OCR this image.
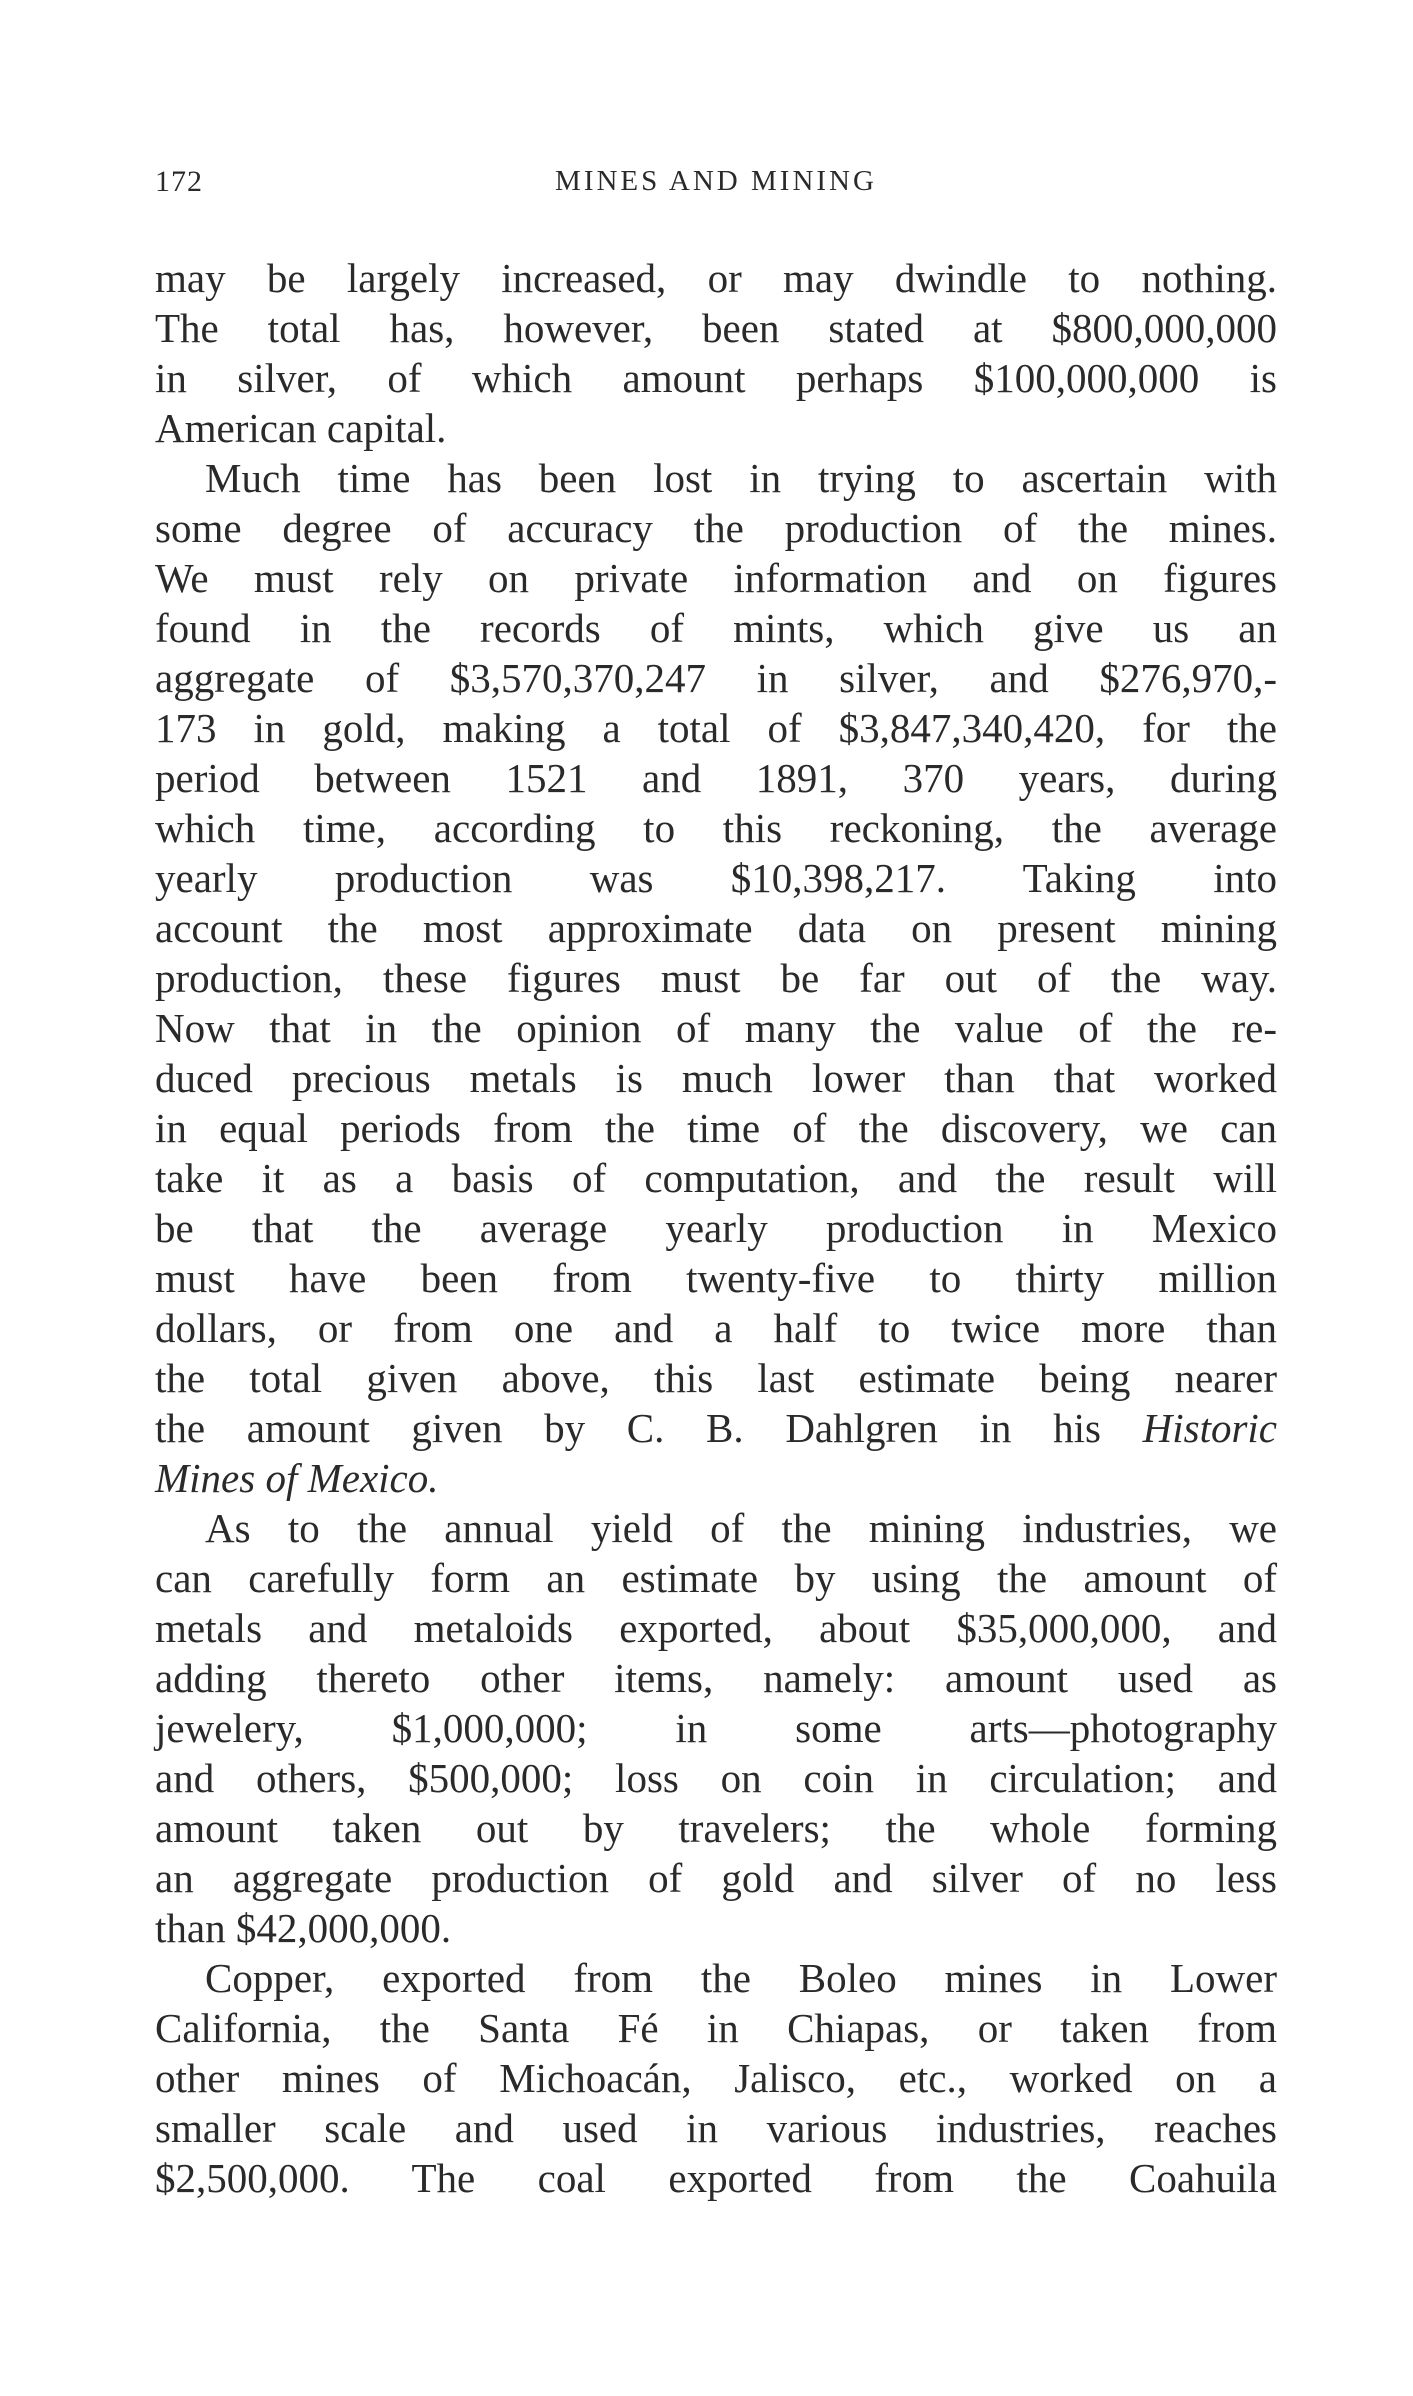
172	MINES AND MINING
may be largely increased, or may dwindle to nothing.
The total has, however, been stated at $800,000,000
in silver, of which amount perhaps $100,000,000 is
American capital.
Much time has been lost in trying to ascertain with
some degree of accuracy the production of the mines.
We must rely on private information and on figures
found in the records of mints, which give us an
aggregate of $3,570,370,247 in silver, and $276,970,-
173 in gold, making a total of $3,847,340,420, for the
period between 1521 and 1891, 370 years, during
which time, according to this reckoning, the average
yearly production was $10,398,217. Taking into
account the most approximate data on present mining
production, these figures must be far out of the way.
Now that in the opinion of many the value of the re-
duced precious metals is much lower than that worked
in equal periods from the time of the discovery, we can
take it as a basis of computation, and the result will
be that the average yearly production in Mexico
must have been from twenty-five to thirty million
dollars, or from one and a half to twice more than
the total given above, this last estimate being nearer
the amount given by C. B. Dahlgren in his Historic
Mines of Mexico.
As to the annual yield of the mining industries, we
can carefully form an estimate by using the amount of
metals and metaloids exported, about $35,000,000, and
adding thereto other items, namely: amount used as
jewelery, $1,000,000; in some arts—photography
and others, $500,000; loss on coin in circulation; and
amount taken out by travelers; the whole forming
an aggregate production of gold and silver of no less
than $42,000,000.
Copper, exported from the Boleo mines in Lower
California, the Santa Fé in Chiapas, or taken from
other mines of Michoacán, Jalisco, etc., worked on a
smaller scale and used in various industries, reaches
$2,500,000. The coal exported from the Coahuila
